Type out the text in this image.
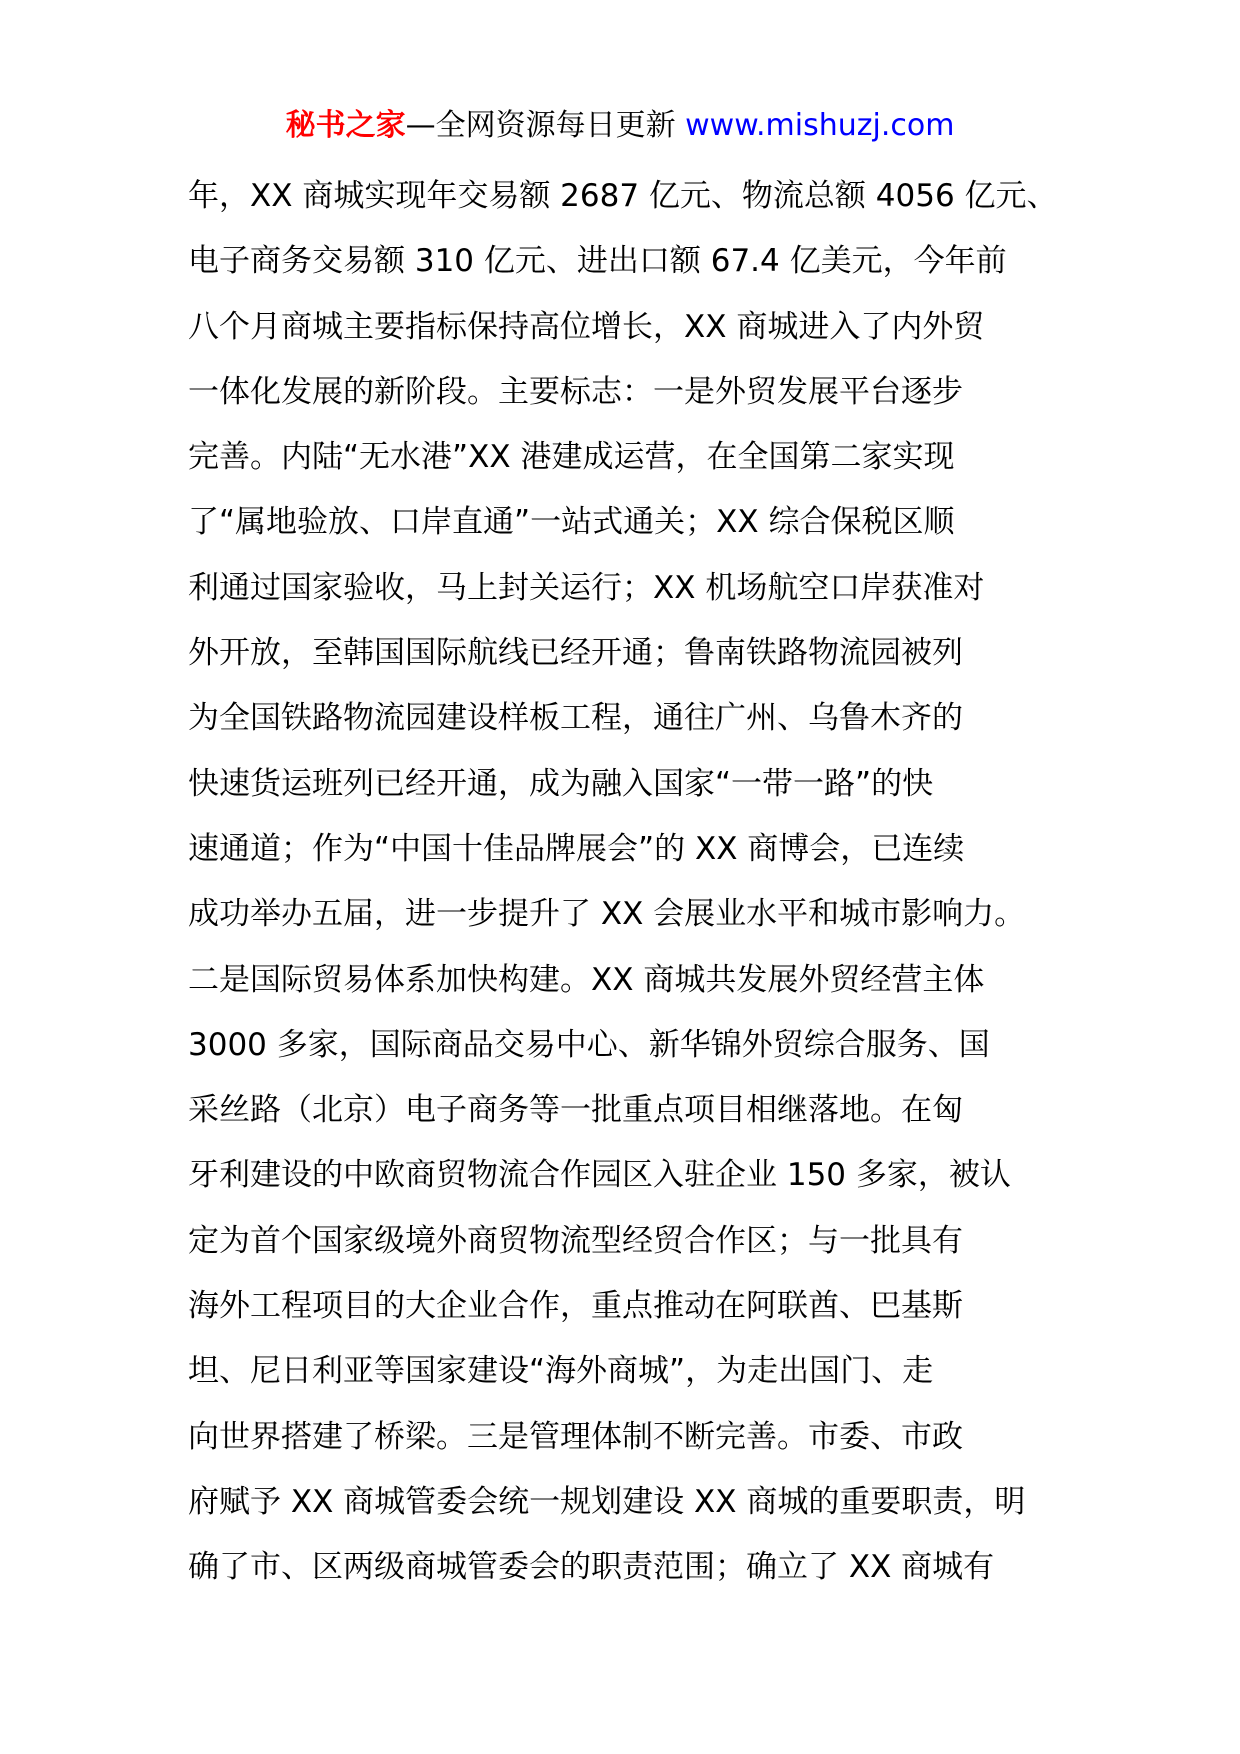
秘书之家—全网资源每日更新 www.mishuzj.com
年，XX 商城实现年交易额 2687 亿元、物流总额 4056 亿元、
电子商务交易额 310 亿元、进出口额 67.4 亿美元，今年前
八个月商城主要指标保持高位增长，XX 商城进入了内外贸
一体化发展的新阶段。主要标志：一是外贸发展平台逐步
完善。内陆“无水港”XX 港建成运营，在全国第二家实现
了“属地验放、口岸直通”一站式通关；XX 综合保税区顺
利通过国家验收，马上封关运行；XX 机场航空口岸获准对
外开放，至韩国国际航线已经开通；鲁南铁路物流园被列
为全国铁路物流园建设样板工程，通往广州、乌鲁木齐的
快速货运班列已经开通，成为融入国家“一带一路”的快
速通道；作为“中国十佳品牌展会”的 XX 商博会，已连续
成功举办五届，进一步提升了 XX 会展业水平和城市影响力。
二是国际贸易体系加快构建。XX 商城共发展外贸经营主体
3000 多家，国际商品交易中心、新华锦外贸综合服务、国
采丝路（北京）电子商务等一批重点项目相继落地。在匈
牙利建设的中欧商贸物流合作园区入驻企业 150 多家，被认
定为首个国家级境外商贸物流型经贸合作区；与一批具有
海外工程项目的大企业合作，重点推动在阿联酋、巴基斯
坦、尼日利亚等国家建设“海外商城”，为走出国门、走
向世界搭建了桥梁。三是管理体制不断完善。市委、市政
府赋予 XX 商城管委会统一规划建设 XX 商城的重要职责，明
确了市、区两级商城管委会的职责范围；确立了 XX 商城有
